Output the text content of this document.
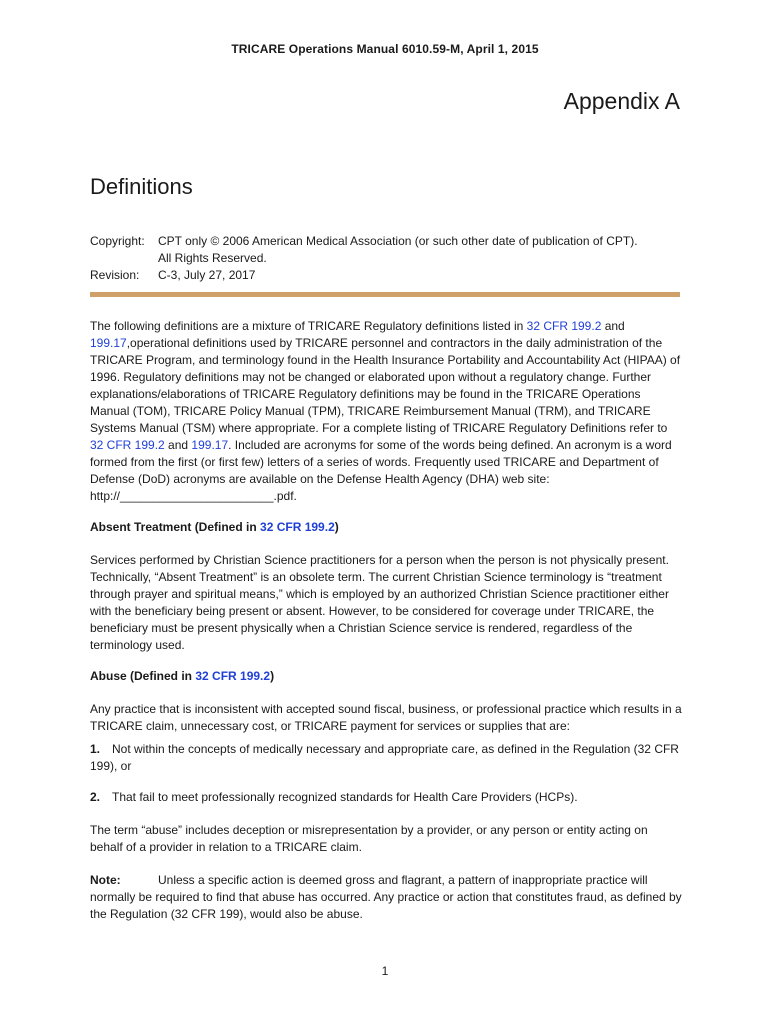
TRICARE Operations Manual 6010.59-M, April 1, 2015
Appendix A
Definitions
Copyright:	CPT only © 2006 American Medical Association (or such other date of publication of CPT).
All Rights Reserved.
Revision:	C-3, July 27, 2017

The following definitions are a mixture of TRICARE Regulatory definitions listed in 32 CFR 199.2 and 199.17,operational definitions used by TRICARE personnel and contractors in the daily administration of the TRICARE Program, and terminology found in the Health Insurance Portability and Accountability Act (HIPAA) of 1996. Regulatory definitions may not be changed or elaborated upon without a regulatory change. Further explanations/elaborations of TRICARE Regulatory definitions may be found in the TRICARE Operations Manual (TOM), TRICARE Policy Manual (TPM), TRICARE Reimbursement Manual (TRM), and TRICARE Systems Manual (TSM) where appropriate. For a complete listing of TRICARE Regulatory Definitions refer to 32 CFR 199.2 and 199.17. Included are acronyms for some of the words being defined. An acronym is a word formed from the first (or first few) letters of a series of words. Frequently used TRICARE and Department of Defense (DoD) acronyms are available on the Defense Health Agency (DHA) web site: http://_______________________.pdf.

Absent Treatment (Defined in 32 CFR 199.2)

Services performed by Christian Science practitioners for a person when the person is not physically present. Technically, “Absent Treatment” is an obsolete term. The current Christian Science terminology is “treatment through prayer and spiritual means,” which is employed by an authorized Christian Science practitioner either with the beneficiary being present or absent. However, to be considered for coverage under TRICARE, the beneficiary must be present physically when a Christian Science service is rendered, regardless of the terminology used.

Abuse (Defined in 32 CFR 199.2)

Any practice that is inconsistent with accepted sound fiscal, business, or professional practice which results in a TRICARE claim, unnecessary cost, or TRICARE payment for services or supplies that are:

1. Not within the concepts of medically necessary and appropriate care, as defined in the Regulation (32 CFR 199), or

2. That fail to meet professionally recognized standards for Health Care Providers (HCPs).

The term “abuse” includes deception or misrepresentation by a provider, or any person or entity acting on behalf of a provider in relation to a TRICARE claim.

Note:	Unless a specific action is deemed gross and flagrant, a pattern of inappropriate practice will normally be required to find that abuse has occurred. Any practice or action that constitutes fraud, as defined by the Regulation (32 CFR 199), would also be abuse.

1
